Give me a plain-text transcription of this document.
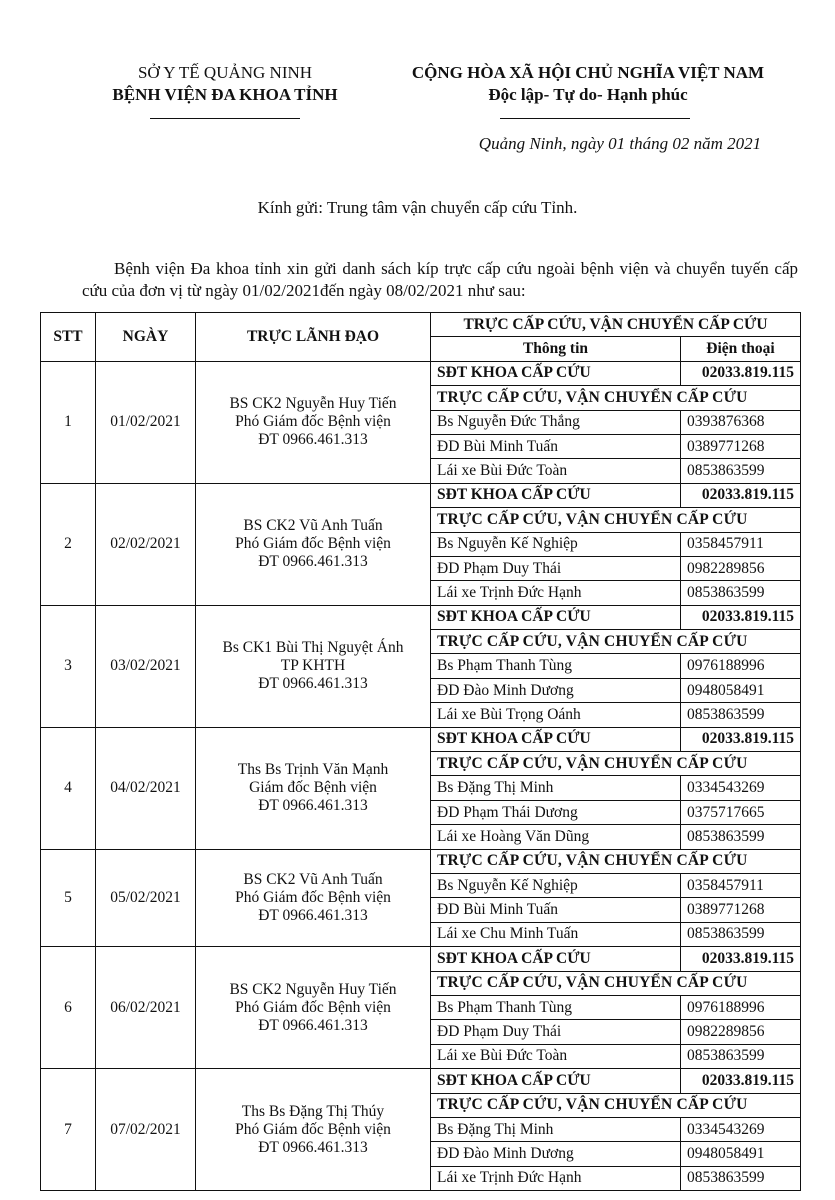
SỞ Y TẾ QUẢNG NINH
BỆNH VIỆN ĐA KHOA TỈNH
CỘNG HÒA XÃ HỘI CHỦ NGHĨA VIỆT NAM
Độc lập- Tự do- Hạnh phúc
Quảng Ninh, ngày 01 tháng 02 năm 2021
Kính gửi: Trung tâm vận chuyển cấp cứu Tỉnh.
Bệnh viện Đa khoa tỉnh xin gửi danh sách kíp trực cấp cứu ngoài bệnh viện và chuyển tuyến cấp cứu của đơn vị từ ngày 01/02/2021đến ngày 08/02/2021 như sau:
STT	NGÀY	TRỰC LÃNH ĐẠO	TRỰC CẤP CỨU, VẬN CHUYỂN CẤP CỨU	
			Thông tin	Điện thoại
1	01/02/2021	BS CK2 Nguyễn Huy Tiến
Phó Giám đốc Bệnh viện
ĐT 0966.461.313	SĐT KHOA CẤP CỨU	02033.819.115
			TRỰC CẤP CỨU, VẬN CHUYỂN CẤP CỨU	
			Bs Nguyễn Đức Thắng	0393876368
			ĐD Bùi Minh Tuấn	0389771268
			Lái xe Bùi Đức Toàn	0853863599
2	02/02/2021	BS CK2 Vũ Anh Tuấn
Phó Giám đốc Bệnh viện
ĐT 0966.461.313	SĐT KHOA CẤP CỨU	02033.819.115
			TRỰC CẤP CỨU, VẬN CHUYỂN CẤP CỨU	
			Bs Nguyễn Kế Nghiệp	0358457911
			ĐD Phạm Duy Thái	0982289856
			Lái xe Trịnh Đức Hạnh	0853863599
3	03/02/2021	Bs CK1 Bùi Thị Nguyệt Ánh
TP KHTH
ĐT 0966.461.313	SĐT KHOA CẤP CỨU	02033.819.115
			TRỰC CẤP CỨU, VẬN CHUYỂN CẤP CỨU	
			Bs Phạm Thanh Tùng	0976188996
			ĐD Đào Minh Dương	0948058491
			Lái xe Bùi Trọng Oánh	0853863599
4	04/02/2021	Ths Bs Trịnh Văn Mạnh
Giám đốc Bệnh viện
ĐT 0966.461.313	SĐT KHOA CẤP CỨU	02033.819.115
			TRỰC CẤP CỨU, VẬN CHUYỂN CẤP CỨU	
			Bs Đặng Thị Minh	0334543269
			ĐD Phạm Thái Dương	0375717665
			Lái xe Hoàng Văn Dũng	0853863599
5	05/02/2021	BS CK2 Vũ Anh Tuấn
Phó Giám đốc Bệnh viện
ĐT 0966.461.313	TRỰC CẤP CỨU, VẬN CHUYỂN CẤP CỨU	
			Bs Nguyễn Kế Nghiệp	0358457911
			ĐD Bùi Minh Tuấn	0389771268
			Lái xe Chu Minh Tuấn	0853863599
6	06/02/2021	BS CK2 Nguyễn Huy Tiến
Phó Giám đốc Bệnh viện
ĐT 0966.461.313	SĐT KHOA CẤP CỨU	02033.819.115
			TRỰC CẤP CỨU, VẬN CHUYỂN CẤP CỨU	
			Bs Phạm Thanh Tùng	0976188996
			ĐD Phạm Duy Thái	0982289856
			Lái xe Bùi Đức Toàn	0853863599
7	07/02/2021	Ths Bs Đặng Thị Thúy
Phó Giám đốc Bệnh viện
ĐT 0966.461.313	SĐT KHOA CẤP CỨU	02033.819.115
			TRỰC CẤP CỨU, VẬN CHUYỂN CẤP CỨU	
			Bs Đặng Thị Minh	0334543269
			ĐD Đào Minh Dương	0948058491
			Lái xe Trịnh Đức Hạnh	0853863599
